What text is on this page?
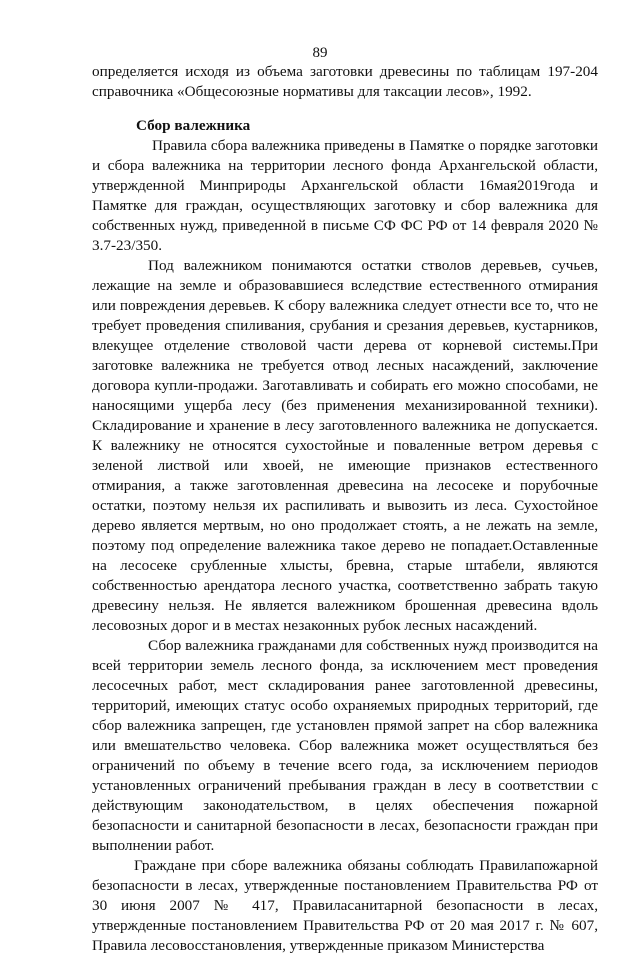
89

определяется исходя из объема заготовки древесины по таблицам 197-204 справочника «Общесоюзные нормативы для таксации лесов», 1992.

Сбор валежника

Правила сбора валежника приведены в Памятке о порядке заготовки и сбора валежника на территории лесного фонда Архангельской области, утвержденной Минприроды Архангельской области 16мая2019года и Памятке для граждан, осуществляющих заготовку и сбор валежника для собственных нужд, приведенной в письме СФ ФС РФ от 14 февраля 2020 № 3.7-23/350.

Под валежником понимаются остатки стволов деревьев, сучьев, лежащие на земле и образовавшиеся вследствие естественного отмирания или повреждения деревьев. К сбору валежника следует отнести все то, что не требует проведения спиливания, срубания и срезания деревьев, кустарников, влекущее отделение стволовой части дерева от корневой системы.При заготовке валежника не требуется отвод лесных насаждений, заключение договора купли-продажи. Заготавливать и собирать его можно способами, не наносящими ущерба лесу (без применения механизированной техники). Складирование и хранение в лесу заготовленного валежника не допускается. К валежнику не относятся сухостойные и поваленные ветром деревья с зеленой листвой или хвоей, не имеющие признаков естественного отмирания, а также заготовленная древесина на лесосеке и порубочные остатки, поэтому нельзя их распиливать и вывозить из леса. Сухостойное дерево является мертвым, но оно продолжает стоять, а не лежать на земле, поэтому под определение валежника такое дерево не попадает.Оставленные на лесосеке срубленные хлысты, бревна, старые штабели, являются собственностью арендатора лесного участка, соответственно забрать такую древесину нельзя. Не является валежником брошенная древесина вдоль лесовозных дорог и в местах незаконных рубок лесных насаждений.

Сбор валежника гражданами для собственных нужд производится на всей территории земель лесного фонда, за исключением мест проведения лесосечных работ, мест складирования ранее заготовленной древесины, территорий, имеющих статус особо охраняемых природных территорий, где сбор валежника запрещен, где установлен прямой запрет на сбор валежника или вмешательство человека. Сбор валежника может осуществляться без ограничений по объему в течение всего года, за исключением периодов установленных ограничений пребывания граждан в лесу в соответствии с действующим законодательством, в целях обеспечения пожарной безопасности и санитарной безопасности в лесах, безопасности граждан при выполнении работ.

Граждане при сборе валежника обязаны соблюдать Правилапожарной безопасности в лесах, утвержденные постановлением Правительства РФ от 30 июня 2007 № 417, Правиласанитарной безопасности в лесах, утвержденные постановлением Правительства РФ от 20 мая 2017 г. № 607, Правила лесовосстановления, утвержденные приказом Министерства
